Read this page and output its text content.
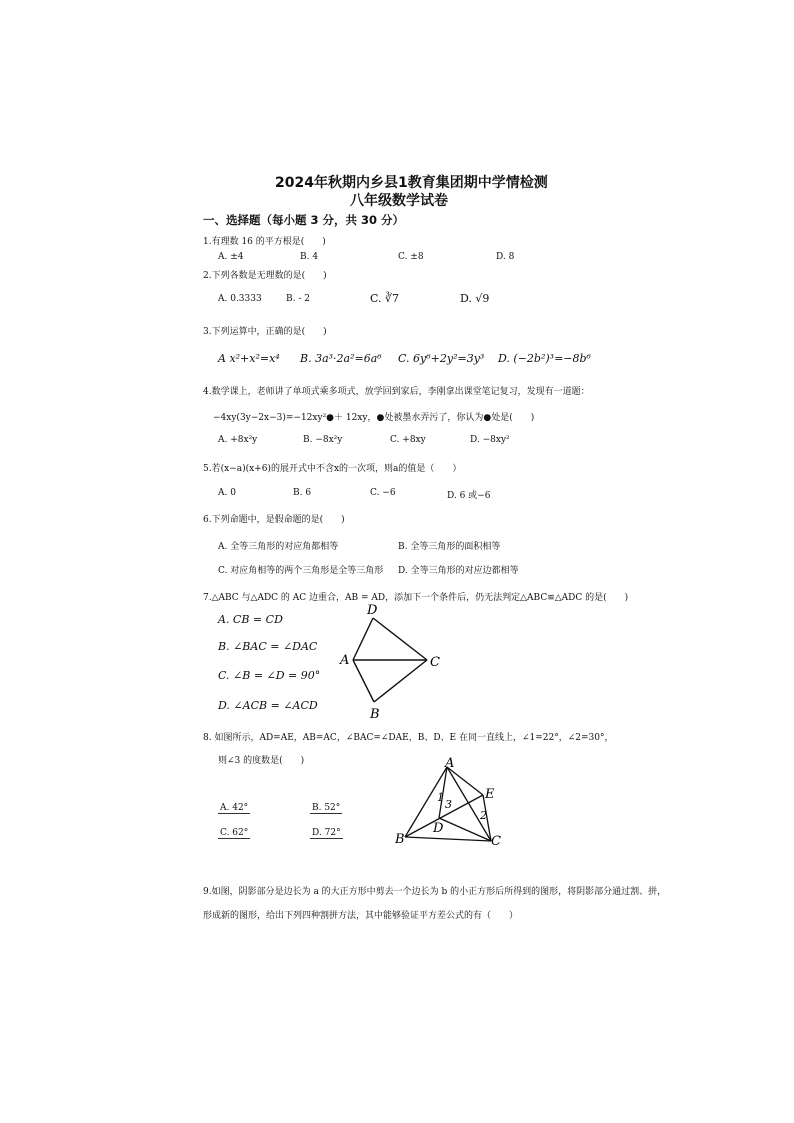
2024年秋期内乡县1教育集团期中学情检测
八年级数学试卷
一、选择题（每小题 3 分，共 30 分）
1.有理数 16 的平方根是(　　)
A. ±4	B. 4	C. ±8	D. 8
2.下列各数是无理数的是(　　)
A. 0.3333	B. - 2	C. ∛7	D. √9
3.下列运算中，正确的是(　　)
A x²+x²=x⁴ B. 3a³·2a²=6a⁶ C. 6y⁶+2y²=3y³ D. (−2b²)³=−8b⁶
4.数学课上，老师讲了单项式乘多项式，放学回到家后，李刚拿出课堂笔记复习，发现有一道题：
−4xy(3y−2x−3)=−12xy²●＋ 12xy，●处被墨水弄污了，你认为●处是(　　)
A. +8x²y	B. −8x²y	C. +8xy	D. −8xy²
5.若(x−a)(x+6)的展开式中不含x的一次项，则a的值是（　　）
A. 0	B. 6	C. −6	D. 6 或−6
6.下列命题中，是假命题的是(　　)
A. 全等三角形的对应角都相等	B. 全等三角形的面积相等
C. 对应角相等的两个三角形是全等三角形 D. 全等三角形的对应边都相等
7.△ABC 与△ADC 的 AC 边重合，AB = AD，添加下一个条件后，仍无法判定△ABC≌△ADC 的是(　　)
A. CB = CD
B. ∠BAC = ∠DAC
C. ∠B = ∠D = 90°
D. ∠ACB = ∠ACD
D
A	C
B
8. 如图所示，AD=AE，AB=AC，∠BAC=∠DAE，B、D、E 在同一直线上，∠1=22°，∠2=30°，
则∠3 的度数是(　　)
A. 42°	B. 52°
C. 62°	D. 72°
A
E
B	C
D
1
2
3
9.如图，阴影部分是边长为 a 的大正方形中剪去一个边长为 b 的小正方形后所得到的图形，将阴影部分通过割、拼，
形成新的图形，给出下列四种割拼方法，其中能够验证平方差公式的有（　　）
